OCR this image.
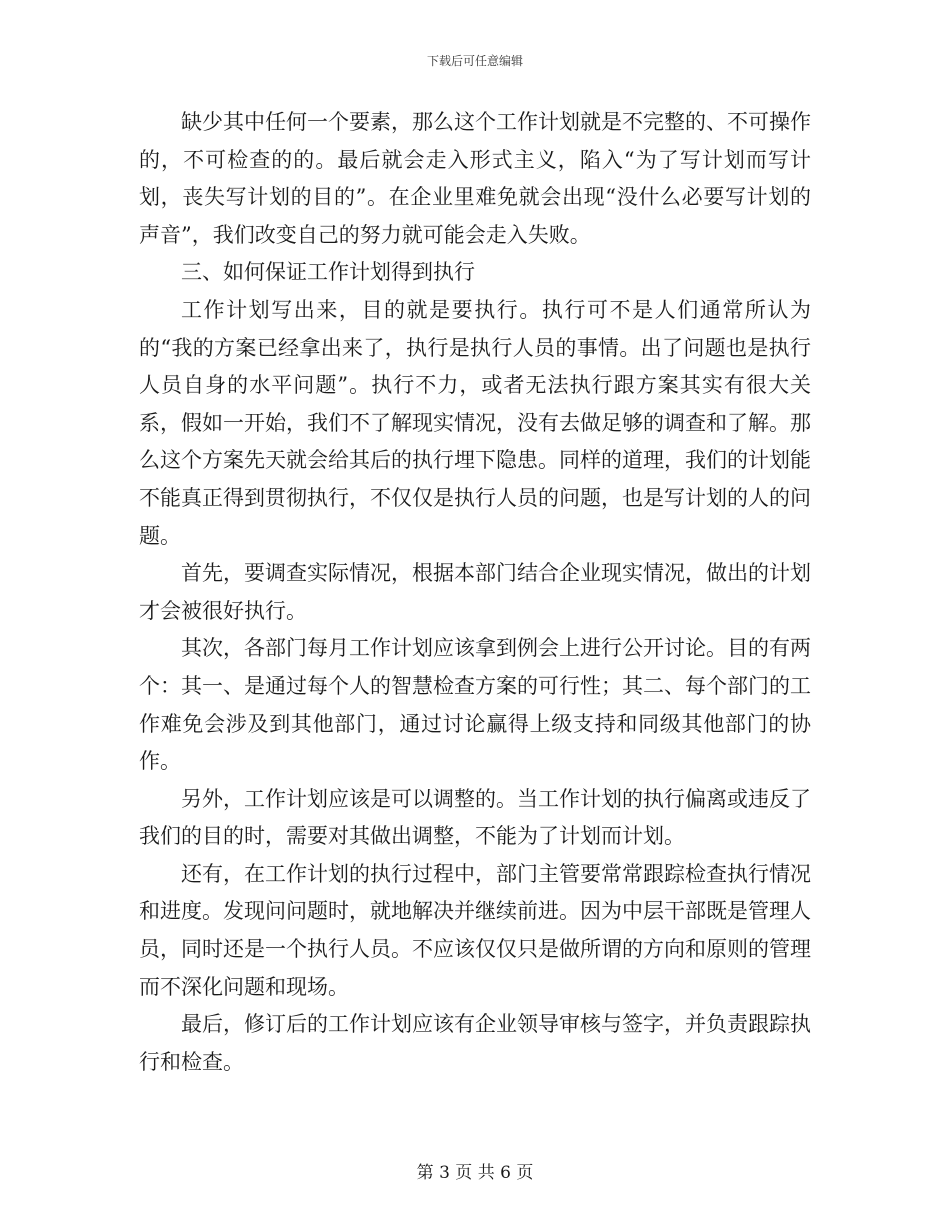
下载后可任意编辑

缺少其中任何一个要素，那么这个工作计划就是不完整的、不可操作的，不可检查的的。最后就会走入形式主义，陷入“为了写计划而写计划，丧失写计划的目的”。在企业里难免就会出现“没什么必要写计划的声音”，我们改变自己的努力就可能会走入失败。

三、如何保证工作计划得到执行

工作计划写出来，目的就是要执行。执行可不是人们通常所认为的“我的方案已经拿出来了，执行是执行人员的事情。出了问题也是执行人员自身的水平问题”。执行不力，或者无法执行跟方案其实有很大关系，假如一开始，我们不了解现实情况，没有去做足够的调查和了解。那么这个方案先天就会给其后的执行埋下隐患。同样的道理，我们的计划能不能真正得到贯彻执行，不仅仅是执行人员的问题，也是写计划的人的问题。

首先，要调查实际情况，根据本部门结合企业现实情况，做出的计划才会被很好执行。

其次，各部门每月工作计划应该拿到例会上进行公开讨论。目的有两个：其一、是通过每个人的智慧检查方案的可行性；其二、每个部门的工作难免会涉及到其他部门，通过讨论赢得上级支持和同级其他部门的协作。

另外，工作计划应该是可以调整的。当工作计划的执行偏离或违反了我们的目的时，需要对其做出调整，不能为了计划而计划。

还有，在工作计划的执行过程中，部门主管要常常跟踪检查执行情况和进度。发现问问题时，就地解决并继续前进。因为中层干部既是管理人员，同时还是一个执行人员。不应该仅仅只是做所谓的方向和原则的管理而不深化问题和现场。

最后，修订后的工作计划应该有企业领导审核与签字，并负责跟踪执行和检查。

第 3 页 共 6 页
